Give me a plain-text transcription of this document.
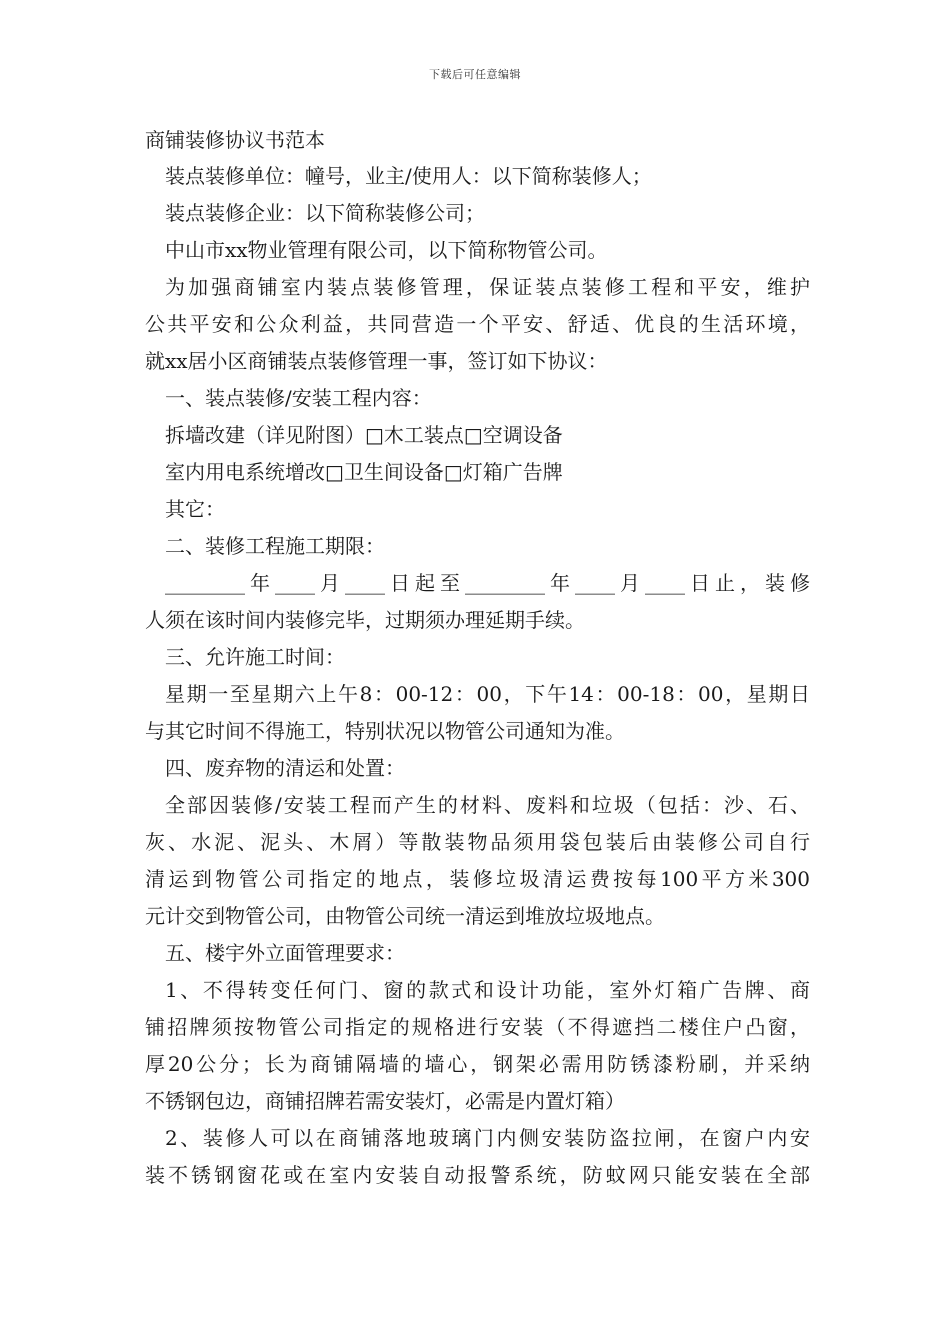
下载后可任意编辑
商铺装修协议书范本
装点装修单位：幢号，业主/使用人：以下简称装修人；
装点装修企业：以下简称装修公司；
中山市xx物业管理有限公司，以下简称物管公司。
为加强商铺室内装点装修管理，保证装点装修工程和平安，维护
公共平安和公众利益，共同营造一个平安、舒适、优良的生活环境，
就xx居小区商铺装点装修管理一事，签订如下协议：
一、装点装修/安装工程内容：
拆墙改建（详见附图）□木工装点□空调设备
室内用电系统增改□卫生间设备□灯箱广告牌
其它：
二、装修工程施工期限：
________年____月____日起至________年____月____日止，装修
人须在该时间内装修完毕，过期须办理延期手续。
三、允许施工时间：
星期一至星期六上午8：00-12：00，下午14：00-18：00，星期日
与其它时间不得施工，特别状况以物管公司通知为准。
四、废弃物的清运和处置：
全部因装修/安装工程而产生的材料、废料和垃圾（包括：沙、石、
灰、水泥、泥头、木屑）等散装物品须用袋包装后由装修公司自行
清运到物管公司指定的地点，装修垃圾清运费按每100平方米300
元计交到物管公司，由物管公司统一清运到堆放垃圾地点。
五、楼宇外立面管理要求：
1、不得转变任何门、窗的款式和设计功能，室外灯箱广告牌、商
铺招牌须按物管公司指定的规格进行安装（不得遮挡二楼住户凸窗，
厚20公分；长为商铺隔墙的墙心，钢架必需用防锈漆粉刷，并采纳
不锈钢包边，商铺招牌若需安装灯，必需是内置灯箱）
2、装修人可以在商铺落地玻璃门内侧安装防盗拉闸，在窗户内安
装不锈钢窗花或在室内安装自动报警系统，防蚊网只能安装在全部
